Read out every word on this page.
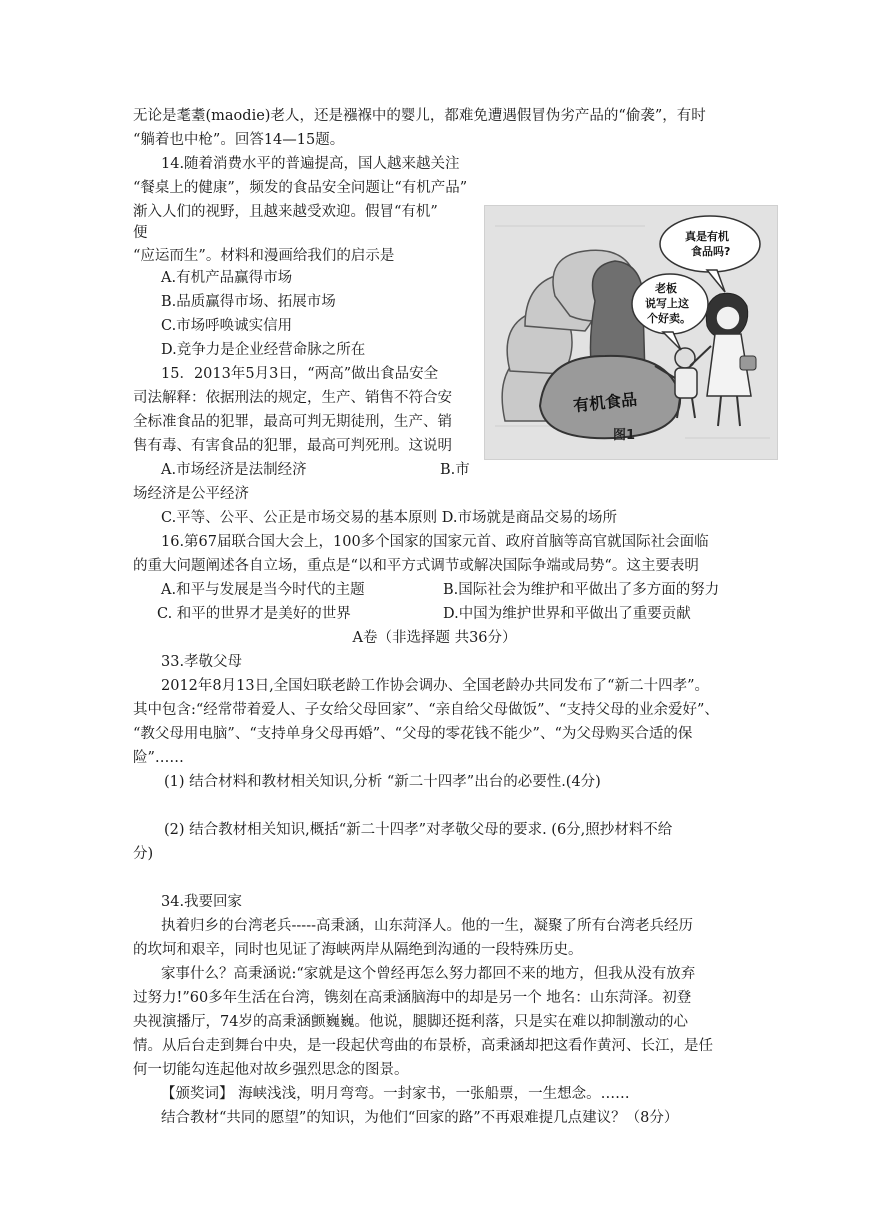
无论是耄耋(maodie)老人，还是襁褓中的婴儿，都难免遭遇假冒伪劣产品的“偷袭”，有时
“躺着也中枪”。回答14—15题。
14.随着消费水平的普遍提高，国人越来越关注
“餐桌上的健康”，频发的食品安全问题让“有机产品”
渐入人们的视野，且越来越受欢迎。假冒“有机”
便
“应运而生”。材料和漫画给我们的启示是
A.有机产品赢得市场
B.品质赢得市场、拓展市场
C.市场呼唤诚实信用
D.竞争力是企业经营命脉之所在
15．2013年5月3日，“两高”做出食品安全
司法解释：依据刑法的规定，生产、销售不符合安
全标准食品的犯罪，最高可判无期徒刑，生产、销
售有毒、有害食品的犯罪，最高可判死刑。这说明
A.市场经济是法制经济	B.市
场经济是公平经济
C.平等、公平、公正是市场交易的基本原则 D.市场就是商品交易的场所
16.第67届联合国大会上，100多个国家的国家元首、政府首脑等高官就国际社会面临
的重大问题阐述各自立场，重点是“以和平方式调节或解决国际争端或局势“。这主要表明
A.和平与发展是当今时代的主题	B.国际社会为维护和平做出了多方面的努力
C. 和平的世界才是美好的世界	D.中国为维护世界和平做出了重要贡献
A卷（非选择题 共36分）
33.孝敬父母
2012年8月13日,全国妇联老龄工作协会调办、全国老龄办共同发布了“新二十四孝”。
其中包含:“经常带着爱人、子女给父母回家”、“亲自给父母做饭”、“支持父母的业余爱好”、
“教父母用电脑”、“支持单身父母再婚”、“父母的零花钱不能少”、“为父母购买合适的保
险”……
(1) 结合材料和教材相关知识,分析 “新二十四孝”出台的必要性.(4分)
(2) 结合教材相关知识,概括“新二十四孝”对孝敬父母的要求. (6分,照抄材料不给
分)
34.我要回家
执着归乡的台湾老兵-----高秉涵，山东菏泽人。他的一生，凝聚了所有台湾老兵经历
的坎坷和艰辛，同时也见证了海峡两岸从隔绝到沟通的一段特殊历史。
家事什么？高秉涵说:“家就是这个曾经再怎么努力都回不来的地方，但我从没有放弃
过努力!”60多年生活在台湾，镌刻在高秉涵脑海中的却是另一个 地名：山东菏泽。初登
央视演播厅，74岁的高秉涵颤巍巍。他说，腿脚还挺利落，只是实在难以抑制激动的心
情。从后台走到舞台中央，是一段起伏弯曲的布景桥，高秉涵却把这看作黄河、长江，是任
何一切能勾连起他对故乡强烈思念的图景。
【颁奖词】 海峡浅浅，明月弯弯。一封家书，一张船票，一生想念。……
结合教材“共同的愿望”的知识，为他们“回家的路”不再艰难提几点建议？（8分）
有机食品
真是有机
食品吗?
老板
说写上这
个好卖。
图1
